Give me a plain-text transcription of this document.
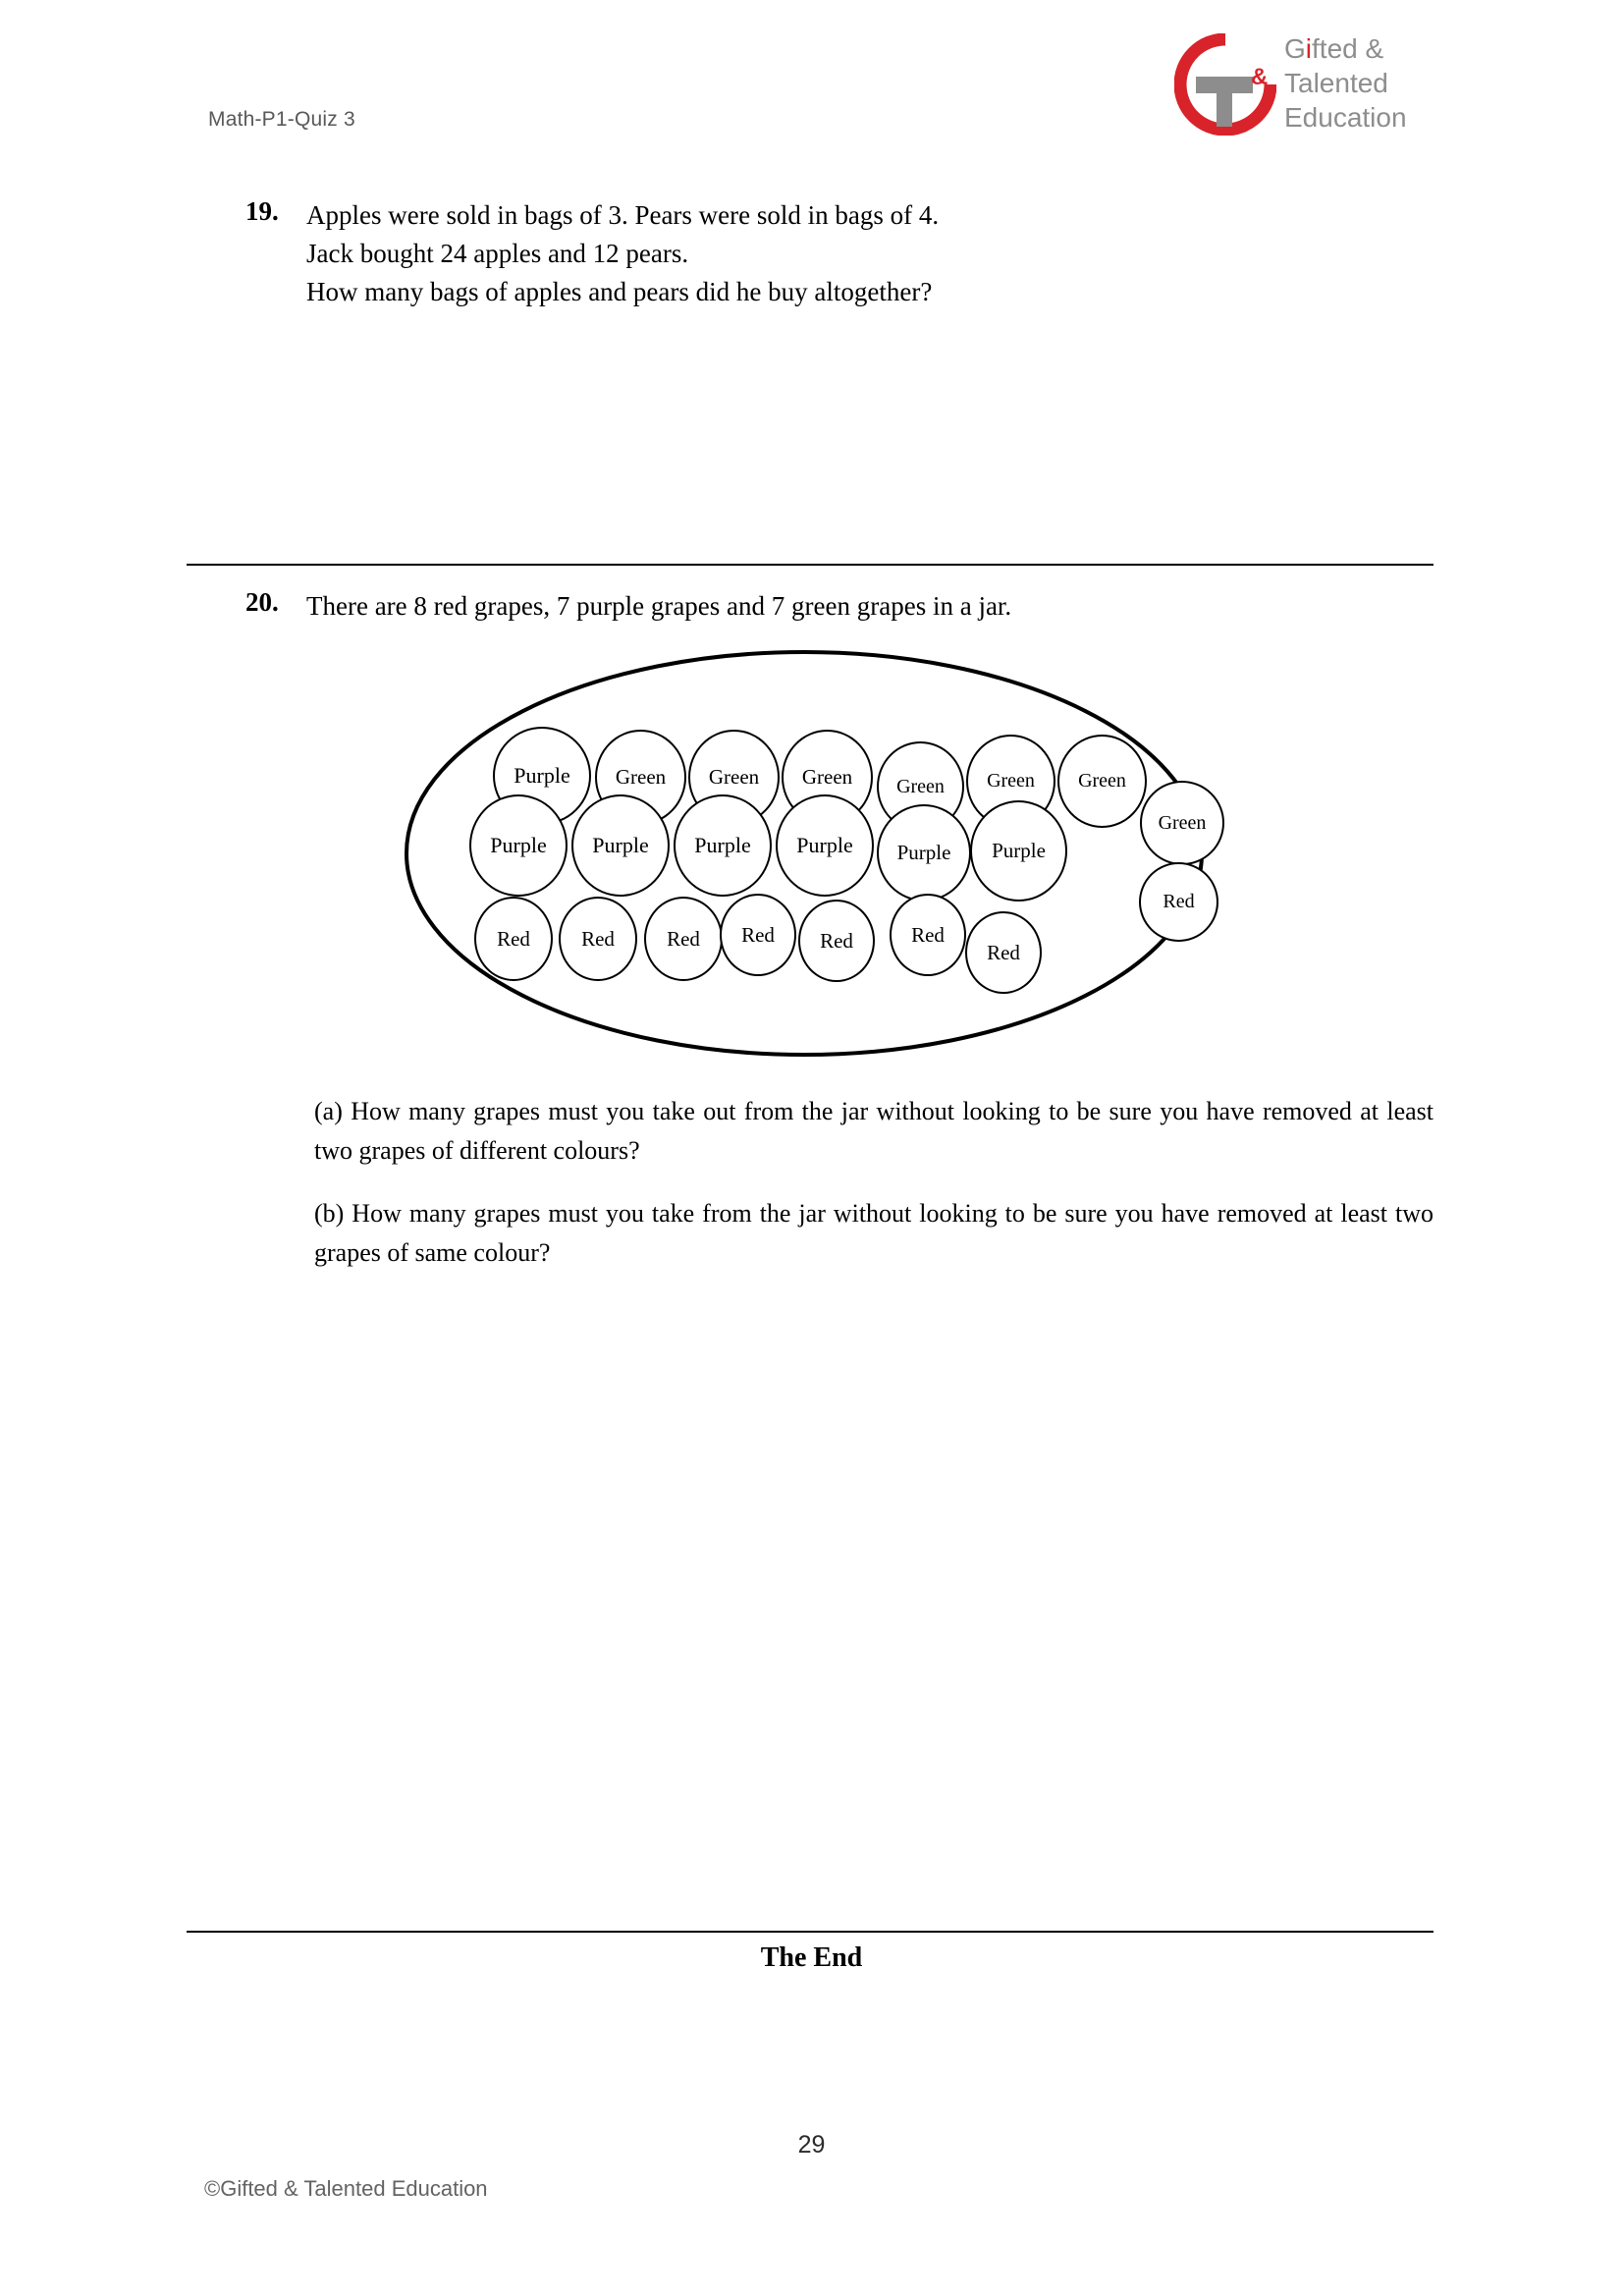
Math-P1-Quiz 3
&
Gifted &
Talented
Education
19.	Apples were sold in bags of 3. Pears were sold in bags of 4.
Jack bought 24 apples and 12 pears.
How many bags of apples and pears did he buy altogether?
20.	There are 8 red grapes, 7 purple grapes and 7 green grapes in a jar.
Purple	Green	Green	Green	Green	Green	Green
Green
Purple	Purple	Purple	Purple	Purple	Purple
Red
Red	Red	Red	Red	Red	Red
Red
(a) How many grapes must you take out from the jar without looking to be sure you have removed at least two grapes of different colours?
(b) How many grapes must you take from the jar without looking to be sure you have removed at least two grapes of same colour?
The End
29
©Gifted & Talented Education
